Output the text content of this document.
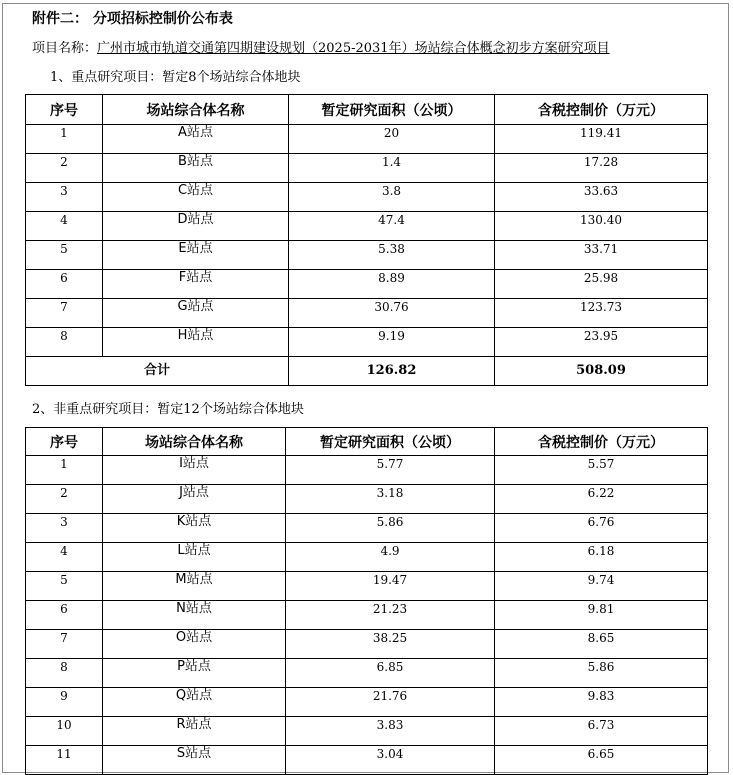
附件二： 分项招标控制价公布表
项目名称：广州市城市轨道交通第四期建设规划（2025-2031年）场站综合体概念初步方案研究项目
1、重点研究项目：暂定8个场站综合体地块
序号	场站综合体名称	暂定研究面积（公顷）	含税控制价（万元）
1	A站点	20	119.41
2	B站点	1.4	17.28
3	C站点	3.8	33.63
4	D站点	47.4	130.40
5	E站点	5.38	33.71
6	F站点	8.89	25.98
7	G站点	30.76	123.73
8	H站点	9.19	23.95
合计		126.82	508.09
2、非重点研究项目：暂定12个场站综合体地块
序号	场站综合体名称	暂定研究面积（公顷）	含税控制价（万元）
1	I站点	5.77	5.57
2	J站点	3.18	6.22
3	K站点	5.86	6.76
4	L站点	4.9	6.18
5	M站点	19.47	9.74
6	N站点	21.23	9.81
7	O站点	38.25	8.65
8	P站点	6.85	5.86
9	Q站点	21.76	9.83
10	R站点	3.83	6.73
11	S站点	3.04	6.65
